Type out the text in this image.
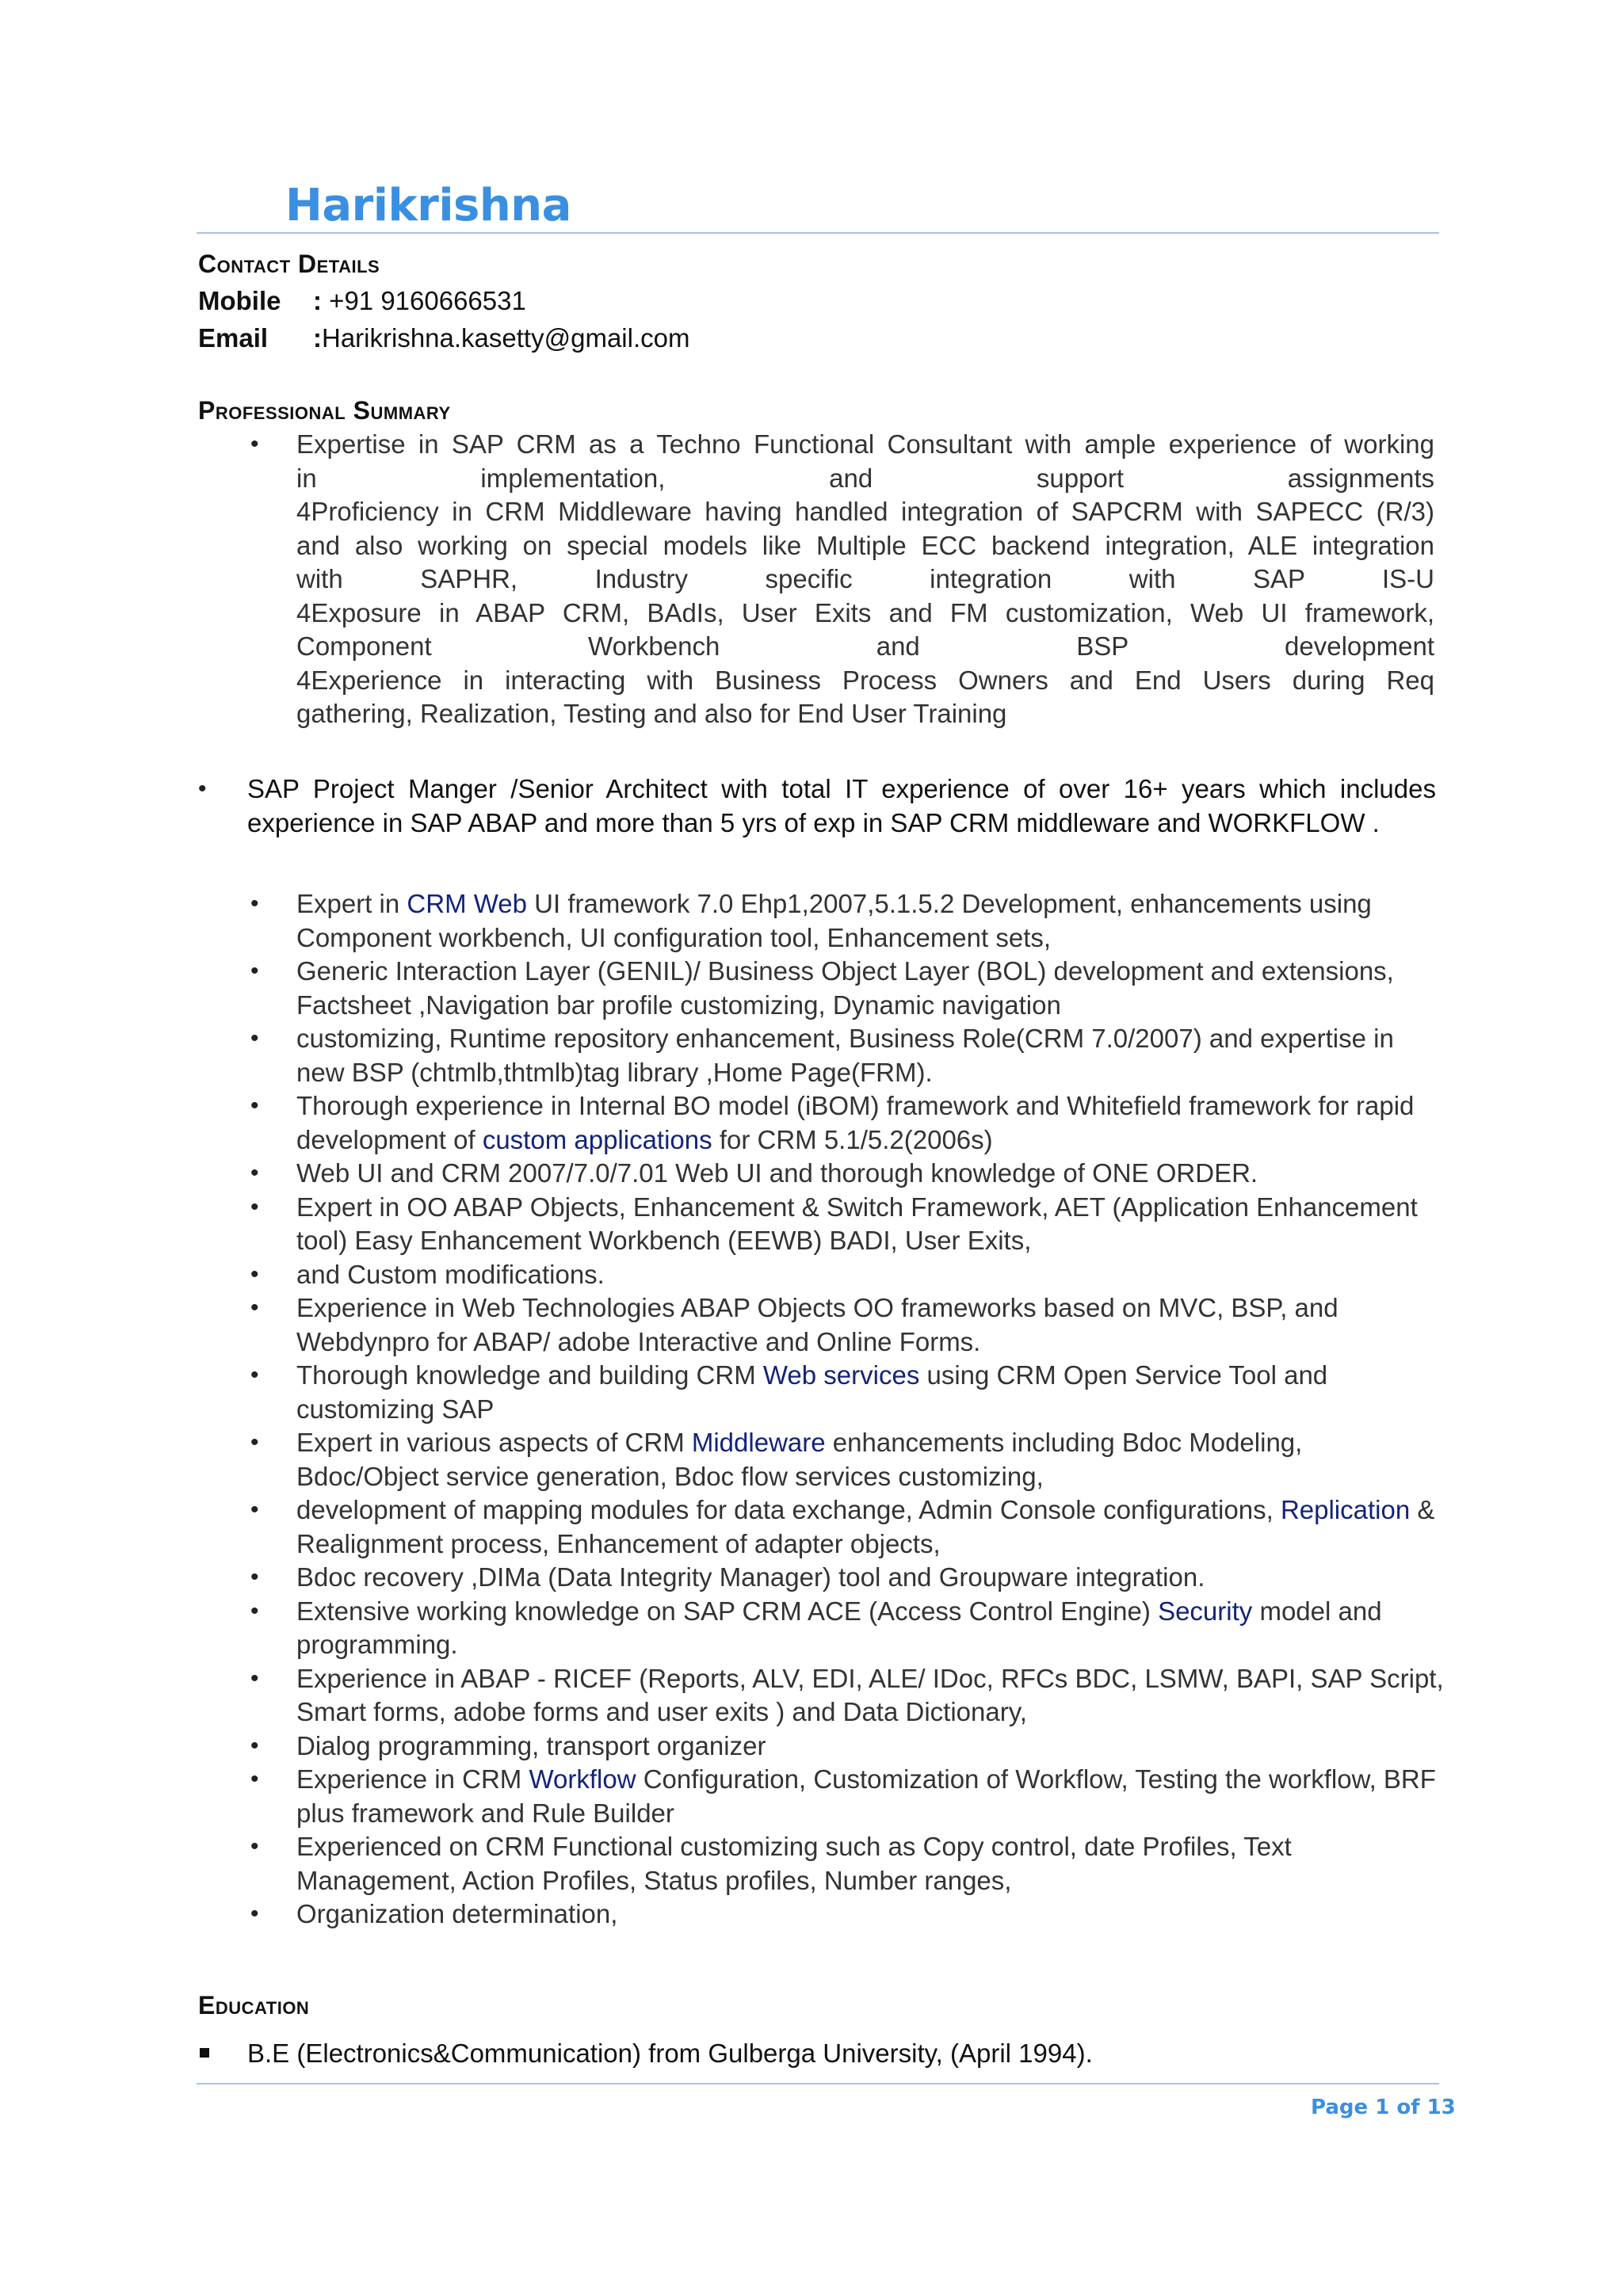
Harikrishna
Contact Details
Mobile : +91 9160666531
Email :Harikrishna.kasetty@gmail.com
Professional Summary
• Expertise in SAP CRM as a Techno Functional Consultant with ample experience of working
in implementation, and support assignments
4Proficiency in CRM Middleware having handled integration of SAPCRM with SAPECC (R/3)
and also working on special models like Multiple ECC backend integration, ALE integration
with SAPHR, Industry specific integration with SAP IS-U
4Exposure in ABAP CRM, BAdIs, User Exits and FM customization, Web UI framework,
Component Workbench and BSP development
4Experience in interacting with Business Process Owners and End Users during Req
gathering, Realization, Testing and also for End User Training
• SAP Project Manger /Senior Architect with total IT experience of over 16+ years which includes experience in SAP ABAP and more than 5 yrs of exp in SAP CRM middleware and WORKFLOW .
• Expert in CRM Web UI framework 7.0 Ehp1,2007,5.1.5.2 Development, enhancements using Component workbench, UI configuration tool, Enhancement sets,
• Generic Interaction Layer (GENIL)/ Business Object Layer (BOL) development and extensions, Factsheet ,Navigation bar profile customizing, Dynamic navigation
• customizing, Runtime repository enhancement, Business Role(CRM 7.0/2007) and expertise in new BSP (chtmlb,thtmlb)tag library ,Home Page(FRM).
• Thorough experience in Internal BO model (iBOM) framework and Whitefield framework for rapid development of custom applications for CRM 5.1/5.2(2006s)
• Web UI and CRM 2007/7.0/7.01 Web UI and thorough knowledge of ONE ORDER.
• Expert in OO ABAP Objects, Enhancement & Switch Framework, AET (Application Enhancement tool) Easy Enhancement Workbench (EEWB) BADI, User Exits,
• and Custom modifications.
• Experience in Web Technologies ABAP Objects OO frameworks based on MVC, BSP, and Webdynpro for ABAP/ adobe Interactive and Online Forms.
• Thorough knowledge and building CRM Web services using CRM Open Service Tool and customizing SAP
• Expert in various aspects of CRM Middleware enhancements including Bdoc Modeling, Bdoc/Object service generation, Bdoc flow services customizing,
• development of mapping modules for data exchange, Admin Console configurations, Replication & Realignment process, Enhancement of adapter objects,
• Bdoc recovery ,DIMa (Data Integrity Manager) tool and Groupware integration.
• Extensive working knowledge on SAP CRM ACE (Access Control Engine) Security model and programming.
• Experience in ABAP - RICEF (Reports, ALV, EDI, ALE/ IDoc, RFCs BDC, LSMW, BAPI, SAP Script, Smart forms, adobe forms and user exits ) and Data Dictionary,
• Dialog programming, transport organizer
• Experience in CRM Workflow Configuration, Customization of Workflow, Testing the workflow, BRF plus framework and Rule Builder
• Experienced on CRM Functional customizing such as Copy control, date Profiles, Text Management, Action Profiles, Status profiles, Number ranges,
• Organization determination,
Education
B.E (Electronics&Communication) from Gulberga University, (April 1994).
Page 1 of 13
